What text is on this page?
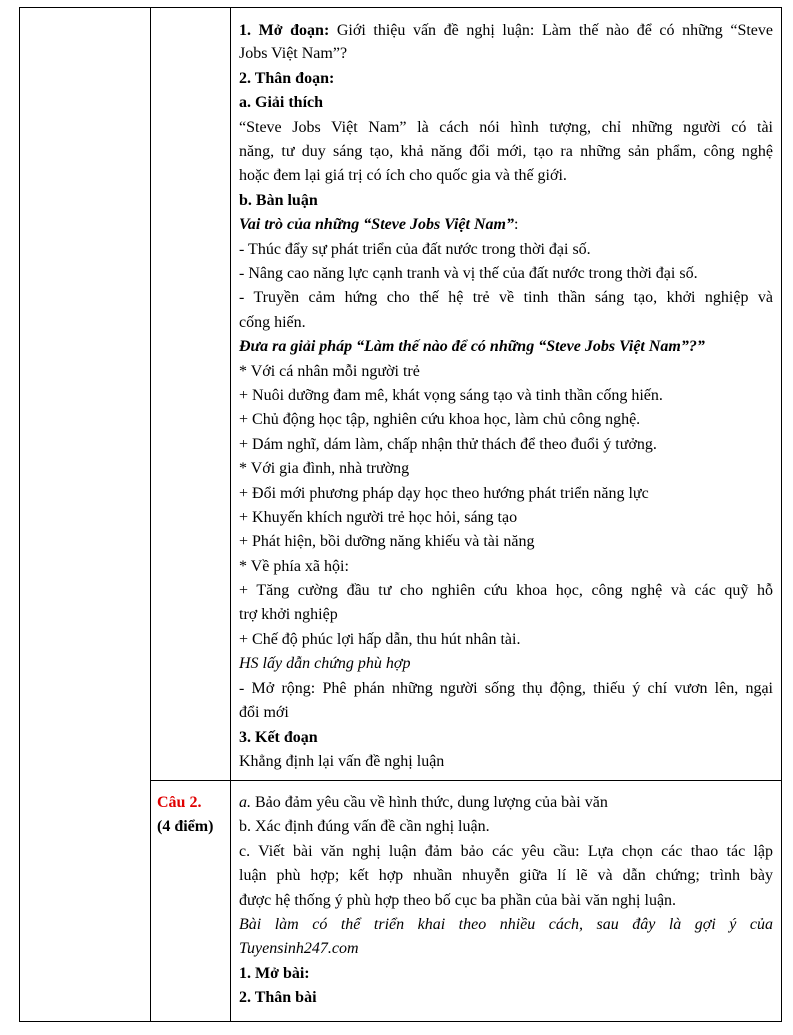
1. Mở đoạn: Giới thiệu vấn đề nghị luận: Làm thế nào để có những “Steve
Jobs Việt Nam”?
2. Thân đoạn:
a. Giải thích
“Steve Jobs Việt Nam” là cách nói hình tượng, chỉ những người có tài
năng, tư duy sáng tạo, khả năng đổi mới, tạo ra những sản phẩm, công nghệ
hoặc đem lại giá trị có ích cho quốc gia và thế giới.
b. Bàn luận
Vai trò của những “Steve Jobs Việt Nam”:
- Thúc đẩy sự phát triển của đất nước trong thời đại số.
- Nâng cao năng lực cạnh tranh và vị thế của đất nước trong thời đại số.
- Truyền cảm hứng cho thế hệ trẻ về tinh thần sáng tạo, khởi nghiệp và
cống hiến.
Đưa ra giải pháp “Làm thế nào để có những “Steve Jobs Việt Nam”?”
* Với cá nhân mỗi người trẻ
+ Nuôi dưỡng đam mê, khát vọng sáng tạo và tinh thần cống hiến.
+ Chủ động học tập, nghiên cứu khoa học, làm chủ công nghệ.
+ Dám nghĩ, dám làm, chấp nhận thử thách để theo đuổi ý tưởng.
* Với gia đình, nhà trường
+ Đổi mới phương pháp dạy học theo hướng phát triển năng lực
+ Khuyến khích người trẻ học hỏi, sáng tạo
+ Phát hiện, bồi dưỡng năng khiếu và tài năng
* Về phía xã hội:
+ Tăng cường đầu tư cho nghiên cứu khoa học, công nghệ và các quỹ hỗ
trợ khởi nghiệp
+ Chế độ phúc lợi hấp dẫn, thu hút nhân tài.
HS lấy dẫn chứng phù hợp
- Mở rộng: Phê phán những người sống thụ động, thiếu ý chí vươn lên, ngại
đổi mới
3. Kết đoạn
Khẳng định lại vấn đề nghị luận
Câu 2.
(4 điểm)
a. Bảo đảm yêu cầu về hình thức, dung lượng của bài văn
b. Xác định đúng vấn đề cần nghị luận.
c. Viết bài văn nghị luận đảm bảo các yêu cầu: Lựa chọn các thao tác lập
luận phù hợp; kết hợp nhuần nhuyễn giữa lí lẽ và dẫn chứng; trình bày
được hệ thống ý phù hợp theo bố cục ba phần của bài văn nghị luận.
Bài làm có thể triển khai theo nhiều cách, sau đây là gợi ý của
Tuyensinh247.com
1. Mở bài:
2. Thân bài
